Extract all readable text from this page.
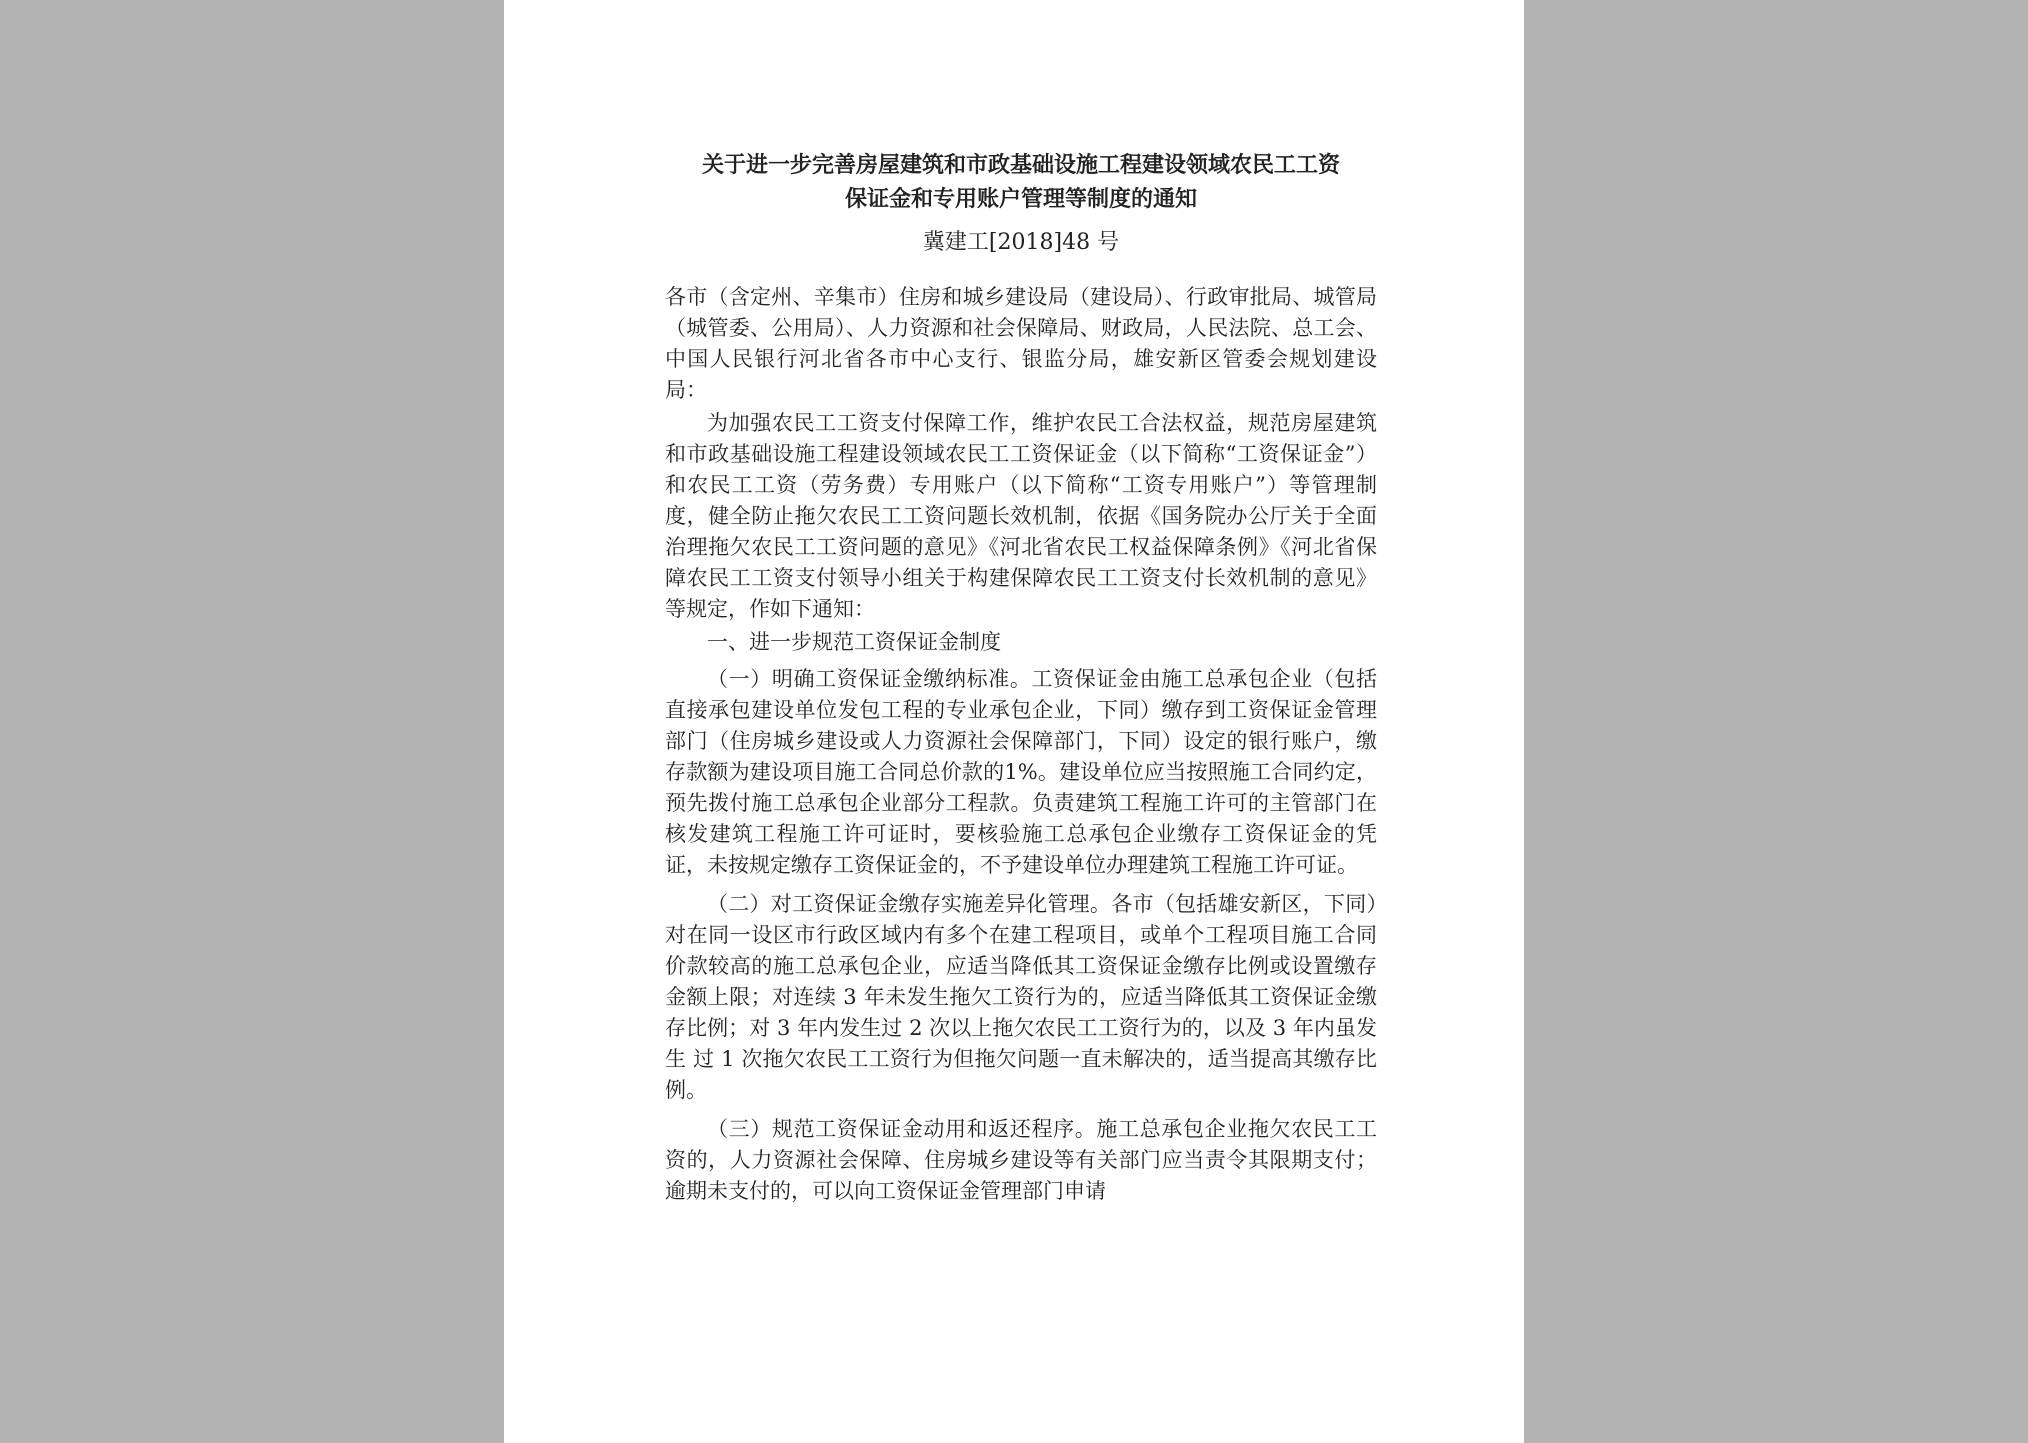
关于进一步完善房屋建筑和市政基础设施工程建设领域农民工工资
保证金和专用账户管理等制度的通知
冀建工[2018]48 号

各市（含定州、辛集市）住房和城乡建设局（建设局）、行政审批局、城管局（城管委、公用局）、人力资源和社会保障局、财政局，人民法院、总工会、中国人民银行河北省各市中心支行、银监分局，雄安新区管委会规划建设局：

为加强农民工工资支付保障工作，维护农民工合法权益，规范房屋建筑和市政基础设施工程建设领域农民工工资保证金（以下简称“工资保证金”）和农民工工资（劳务费）专用账户（以下简称“工资专用账户”）等管理制度，健全防止拖欠农民工工资问题长效机制，依据《国务院办公厅关于全面治理拖欠农民工工资问题的意见》《河北省农民工权益保障条例》《河北省保障农民工工资支付领导小组关于构建保障农民工工资支付长效机制的意见》等规定，作如下通知：

一、进一步规范工资保证金制度

（一）明确工资保证金缴纳标准。工资保证金由施工总承包企业（包括直接承包建设单位发包工程的专业承包企业，下同）缴存到工资保证金管理部门（住房城乡建设或人力资源社会保障部门，下同）设定的银行账户，缴存款额为建设项目施工合同总价款的1%。建设单位应当按照施工合同约定，预先拨付施工总承包企业部分工程款。负责建筑工程施工许可的主管部门在核发建筑工程施工许可证时，要核验施工总承包企业缴存工资保证金的凭证，未按规定缴存工资保证金的，不予建设单位办理建筑工程施工许可证。

（二）对工资保证金缴存实施差异化管理。各市（包括雄安新区，下同）对在同一设区市行政区域内有多个在建工程项目，或单个工程项目施工合同价款较高的施工总承包企业，应适当降低其工资保证金缴存比例或设置缴存金额上限；对连续 3 年未发生拖欠工资行为的，应适当降低其工资保证金缴存比例；对 3 年内发生过 2 次以上拖欠农民工工资行为的，以及 3 年内虽发生 过 1 次拖欠农民工工资行为但拖欠问题一直未解决的，适当提高其缴存比例。

（三）规范工资保证金动用和返还程序。施工总承包企业拖欠农民工工资的，人力资源社会保障、住房城乡建设等有关部门应当责令其限期支付；逾期未支付的，可以向工资保证金管理部门申请
